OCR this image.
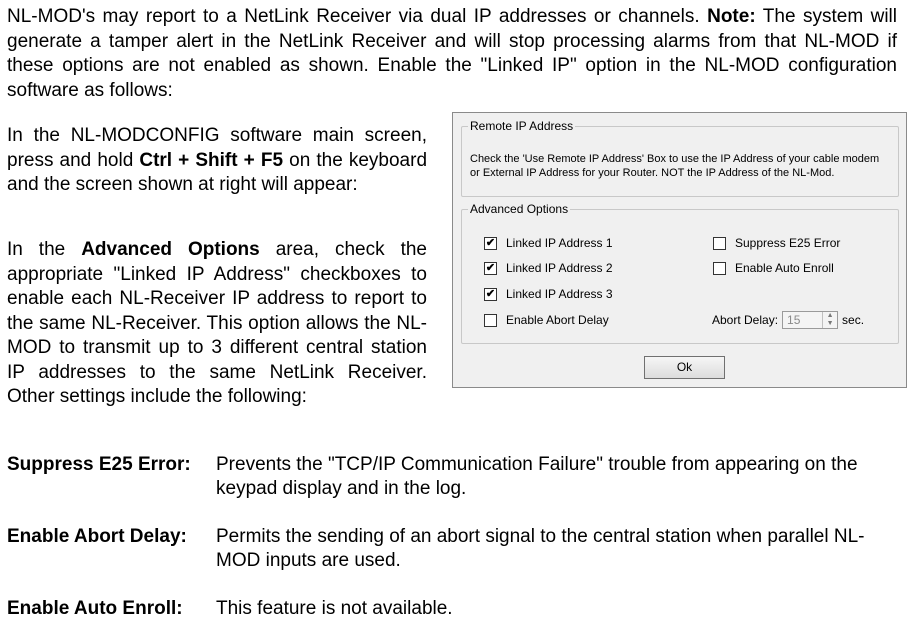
NL-MOD's may report to a NetLink Receiver via dual IP addresses or channels. Note: The system will generate a tamper alert in the NetLink Receiver and will stop processing alarms from that NL-MOD if these options are not enabled as shown. Enable the "Linked IP" option in the NL-MOD configuration software as follows:
In the NL-MODCONFIG software main screen, press and hold Ctrl + Shift + F5 on the keyboard and the screen shown at right will appear:
In the Advanced Options area, check the appropriate "Linked IP Address" checkboxes to enable each NL-Receiver IP address to report to the same NL-Receiver. This option allows the NL-MOD to transmit up to 3 different central station IP addresses to the same NetLink Receiver. Other settings include the following:
Remote IP Address
Check the 'Use Remote IP Address' Box to use the IP Address of your cable modem or External IP Address for your Router. NOT the IP Address of the NL-Mod.
Advanced Options
✔ Linked IP Address 1
✔ Linked IP Address 2
✔ Linked IP Address 3
Enable Abort Delay
Suppress E25 Error
Enable Auto Enroll
Abort Delay: 15	▲
▼ sec.
Ok
Suppress E25 Error: Prevents the "TCP/IP Communication Failure" trouble from appearing on the keypad display and in the log.
Enable Abort Delay: Permits the sending of an abort signal to the central station when parallel NL-MOD inputs are used.
Enable Auto Enroll: This feature is not available.
